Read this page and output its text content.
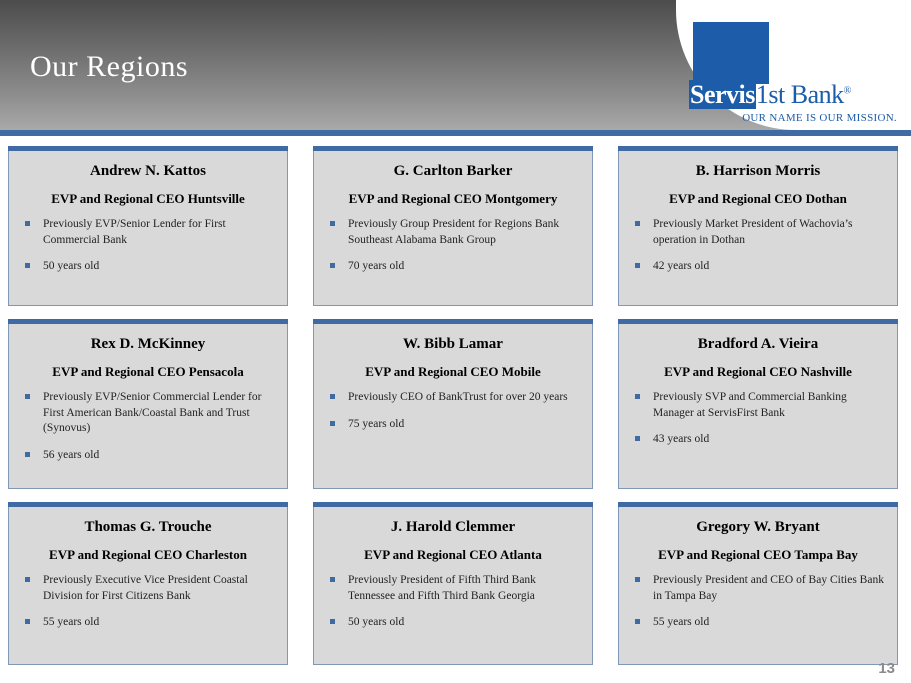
Our Regions
Servis1st Bank®
OUR NAME IS OUR MISSION.
Andrew N. Kattos
EVP and Regional CEO Huntsville
Previously EVP/Senior Lender for First Commercial Bank
50 years old
G. Carlton Barker
EVP and Regional CEO Montgomery
Previously Group President for Regions Bank Southeast Alabama Bank Group
70 years old
B. Harrison Morris
EVP and Regional CEO Dothan
Previously Market President of Wachovia’s operation in Dothan
42 years old
Rex D. McKinney
EVP and Regional CEO Pensacola
Previously EVP/Senior Commercial Lender for First American Bank/Coastal Bank and Trust (Synovus)
56 years old
W. Bibb Lamar
EVP and Regional CEO Mobile
Previously CEO of BankTrust for over 20 years
75 years old
Bradford A. Vieira
EVP and Regional CEO Nashville
Previously SVP and Commercial Banking Manager at ServisFirst Bank
43 years old
Thomas G. Trouche
EVP and Regional CEO Charleston
Previously Executive Vice President Coastal Division for First Citizens Bank
55 years old
J. Harold Clemmer
EVP and Regional CEO Atlanta
Previously President of Fifth Third Bank Tennessee and Fifth Third Bank Georgia
50 years old
Gregory W. Bryant
EVP and Regional CEO Tampa Bay
Previously President and CEO of Bay Cities Bank in Tampa Bay
55 years old
13
